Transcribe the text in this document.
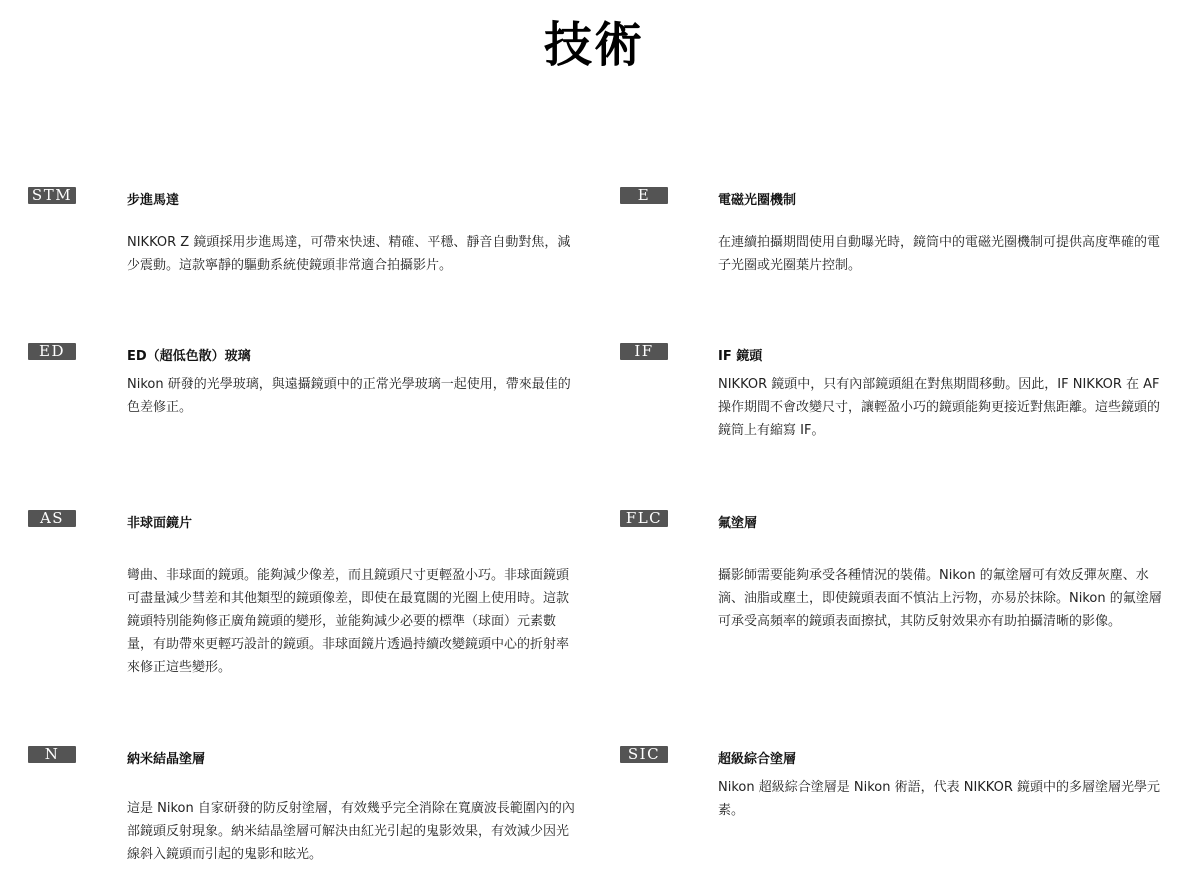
技術
STM	步進馬達
NIKKOR Z 鏡頭採用步進馬達，可帶來快速、精確、平穩、靜音自動對焦，減少震動。這款寧靜的驅動系統使鏡頭非常適合拍攝影片。
E	電磁光圈機制
在連續拍攝期間使用自動曝光時，鏡筒中的電磁光圈機制可提供高度準確的電子光圈或光圈葉片控制。
ED	ED（超低色散）玻璃
Nikon 研發的光學玻璃，與遠攝鏡頭中的正常光學玻璃一起使用，帶來最佳的色差修正。
IF	IF 鏡頭
NIKKOR 鏡頭中，只有內部鏡頭組在對焦期間移動。因此，IF NIKKOR 在 AF 操作期間不會改變尺寸，讓輕盈小巧的鏡頭能夠更接近對焦距離。這些鏡頭的鏡筒上有縮寫 IF。
AS	非球面鏡片
彎曲、非球面的鏡頭。能夠減少像差，而且鏡頭尺寸更輕盈小巧。非球面鏡頭可盡量減少彗差和其他類型的鏡頭像差，即使在最寬闊的光圈上使用時。這款鏡頭特別能夠修正廣角鏡頭的變形，並能夠減少必要的標準（球面）元素數量，有助帶來更輕巧設計的鏡頭。非球面鏡片透過持續改變鏡頭中心的折射率來修正這些變形。
FLC	氟塗層
攝影師需要能夠承受各種情況的裝備。Nikon 的氟塗層可有效反彈灰塵、水滴、油脂或塵土，即使鏡頭表面不慎沾上污物，亦易於抹除。Nikon 的氟塗層可承受高頻率的鏡頭表面擦拭，其防反射效果亦有助拍攝清晰的影像。
N	納米結晶塗層
這是 Nikon 自家研發的防反射塗層，有效幾乎完全消除在寬廣波長範圍內的內部鏡頭反射現象。納米結晶塗層可解決由紅光引起的鬼影效果，有效減少因光線斜入鏡頭而引起的鬼影和眩光。
SIC	超級綜合塗層
Nikon 超級綜合塗層是 Nikon 術語，代表 NIKKOR 鏡頭中的多層塗層光學元素。
